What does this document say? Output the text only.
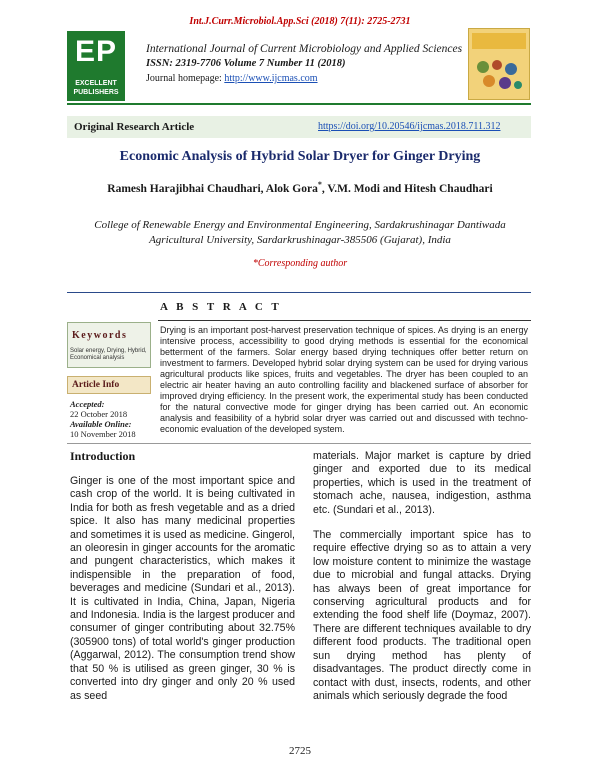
Int.J.Curr.Microbiol.App.Sci (2018) 7(11): 2725-2731
EP
EXCELLENT PUBLISHERS
International Journal of Current Microbiology and Applied Sciences
ISSN: 2319-7706 Volume 7 Number 11 (2018)
Journal homepage: http://www.ijcmas.com
Original Research Article	https://doi.org/10.20546/ijcmas.2018.711.312
Economic Analysis of Hybrid Solar Dryer for Ginger Drying
Ramesh Harajibhai Chaudhari, Alok Gora*, V.M. Modi and Hitesh Chaudhari
College of Renewable Energy and Environmental Engineering, Sardakrushinagar Dantiwada Agricultural University, Sardarkrushinagar-385506 (Gujarat), India
*Corresponding author
A B S T R A C T
Keywords
Solar energy, Drying, Hybrid, Economical analysis
Article Info
Accepted:
22 October 2018
Available Online:
10 November 2018
Drying is an important post-harvest preservation technique of spices. As drying is an energy intensive process, accessibility to good drying methods is essential for the economical betterment of the farmers. Solar energy based drying techniques offer better return on investment to farmers. Developed hybrid solar drying system can be used for drying various agricultural products like spices, fruits and vegetables. The dryer has been coupled to an electric air heater having an auto controlling facility and blackened surface of absorber for improved drying efficiency. In the present work, the experimental study has been conducted for the natural convective mode for ginger drying has been carried out. An economic analysis and feasibility of a hybrid solar dryer was carried out and discussed with techno-economic evaluation of the developed system.
Introduction

Ginger is one of the most important spice and cash crop of the world. It is being cultivated in India for both as fresh vegetable and as a dried spice. It also has many medicinal properties and sometimes it is used as medicine. Gingerol, an oleoresin in ginger accounts for the aromatic and pungent characteristics, which makes it indispensible in the preparation of food, beverages and medicine (Sundari et al., 2013). It is cultivated in India, China, Japan, Nigeria and Indonesia. India is the largest producer and consumer of ginger contributing about 32.75% (305900 tons) of total world's ginger production (Aggarwal, 2012). The consumption trend show that 50 % is utilised as green ginger, 30 % is converted into dry ginger and only 20 % used as seed

materials. Major market is capture by dried ginger and exported due to its medical properties, which is used in the treatment of stomach ache, nausea, indigestion, asthma etc. (Sundari et al., 2013).

The commercially important spice has to require effective drying so as to attain a very low moisture content to minimize the wastage due to microbial and fungal attacks. Drying has always been of great importance for conserving agricultural products and for extending the food shelf life (Doymaz, 2007). There are different techniques available to dry different food products. The traditional open sun drying method has plenty of disadvantages. The product directly come in contact with dust, insects, rodents, and other animals which seriously degrade the food

2725
